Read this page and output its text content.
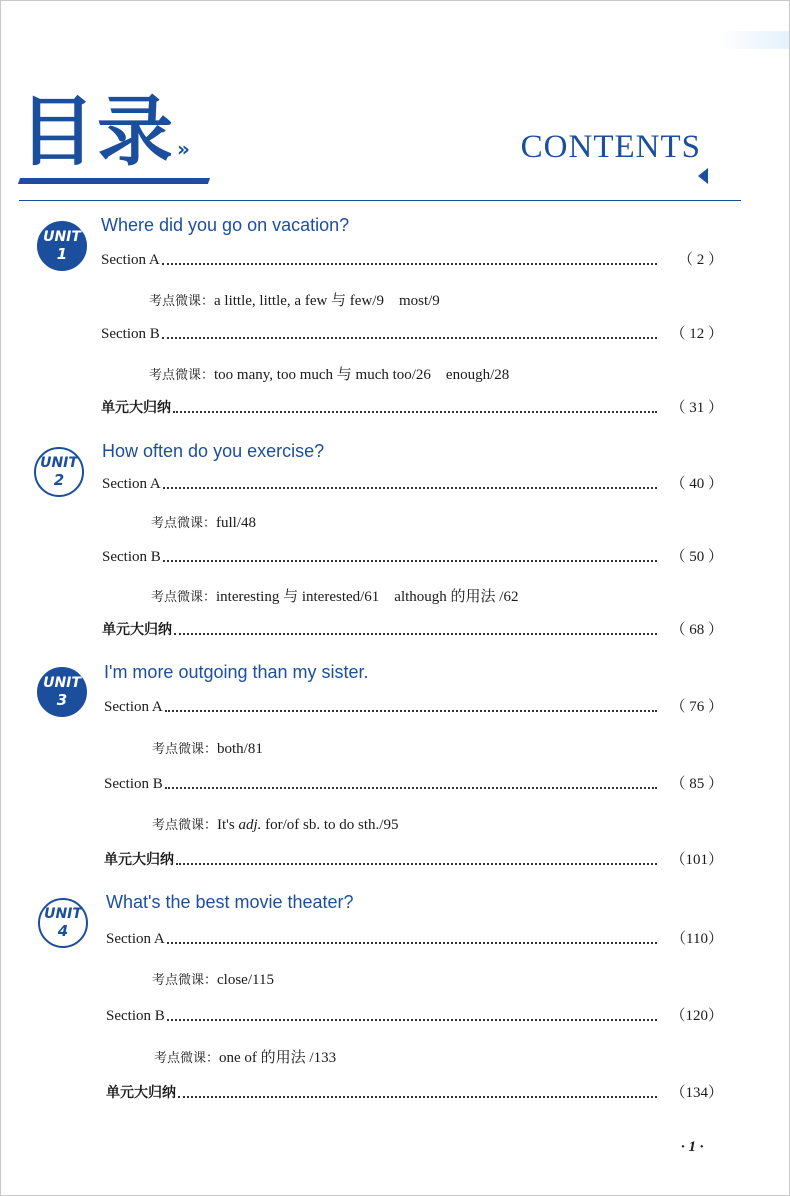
目录 »	CONTENTS
UNIT
1
Where did you go on vacation?
Section A	（ 2 ）
考点微课：a little, little, a few 与 few/9　most/9
Section B	（ 12 ）
考点微课：too many, too much 与 much too/26　enough/28
单元大归纳	（ 31 ）
UNIT
2
How often do you exercise?
Section A	（ 40 ）
考点微课：full/48
Section B	（ 50 ）
考点微课：interesting 与 interested/61　although 的用法 /62
单元大归纳	（ 68 ）
UNIT
3
I'm more outgoing than my sister.
Section A	（ 76 ）
考点微课：both/81
Section B	（ 85 ）
考点微课：It's adj. for/of sb. to do sth./95
单元大归纳	（101）
UNIT
4
What's the best movie theater?
Section A	（110）
考点微课：close/115
Section B	（120）
考点微课：one of 的用法 /133
单元大归纳	（134）
· 1 ·
